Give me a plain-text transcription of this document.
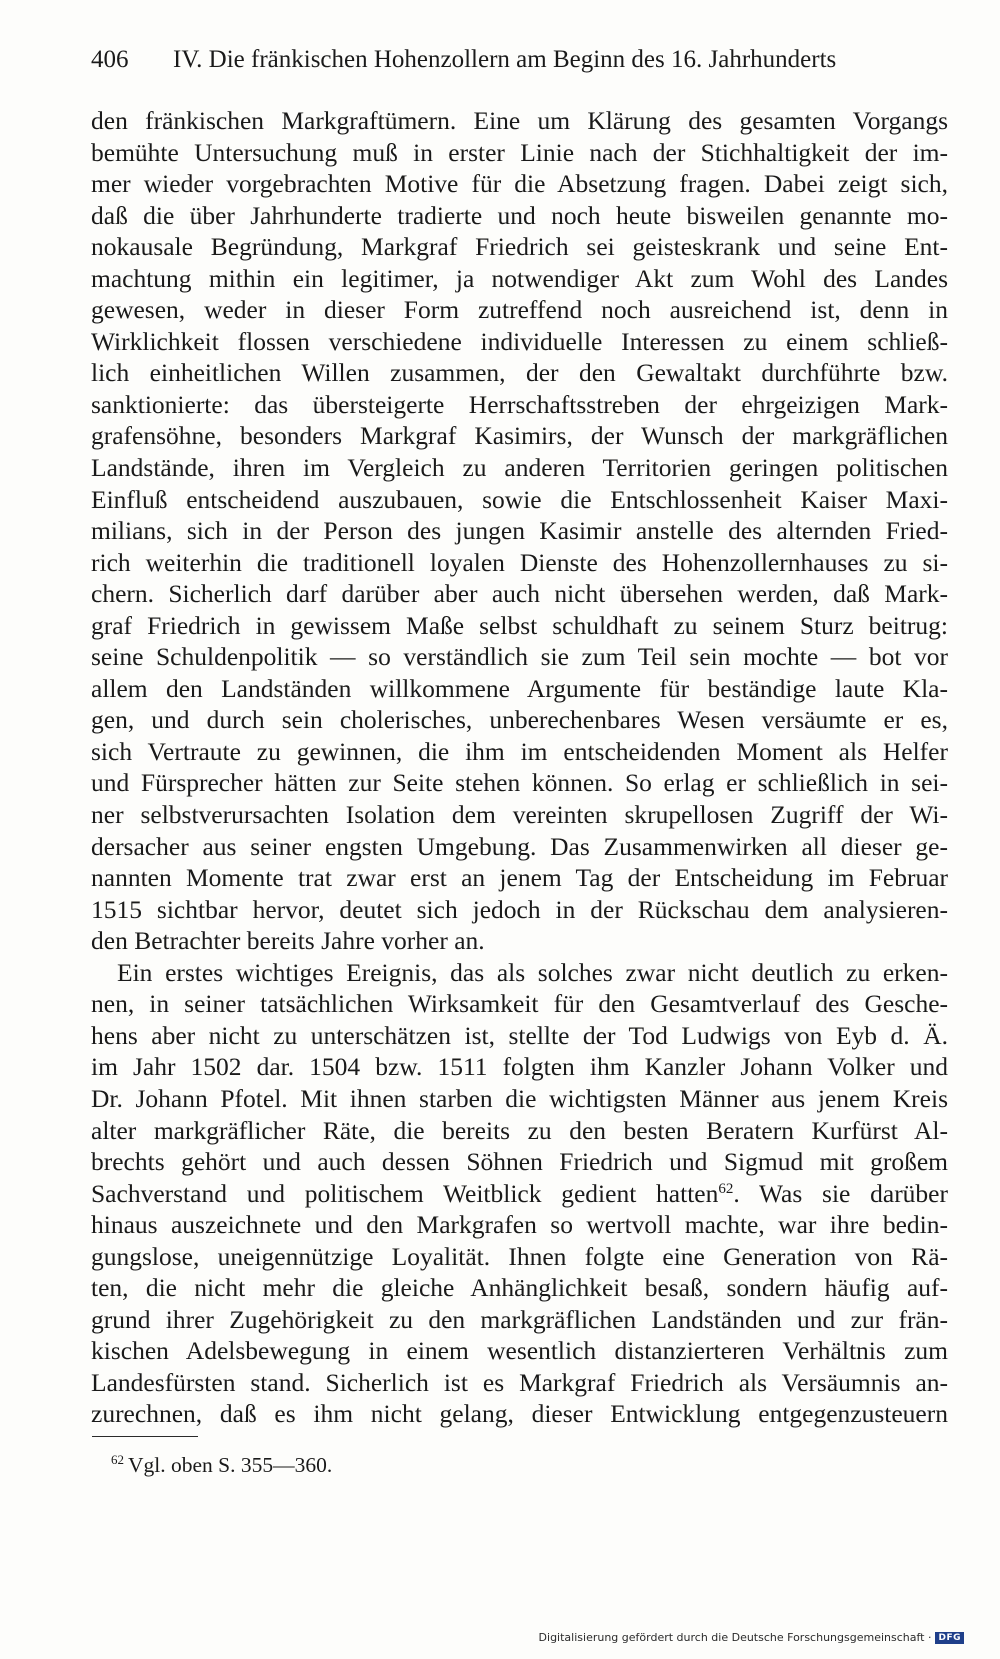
406 IV. Die fränkischen Hohenzollern am Beginn des 16. Jahrhunderts
den fränkischen Markgraftümern. Eine um Klärung des gesamten Vorgangs
bemühte Untersuchung muß in erster Linie nach der Stichhaltigkeit der im-
mer wieder vorgebrachten Motive für die Absetzung fragen. Dabei zeigt sich,
daß die über Jahrhunderte tradierte und noch heute bisweilen genannte mo-
nokausale Begründung, Markgraf Friedrich sei geisteskrank und seine Ent-
machtung mithin ein legitimer, ja notwendiger Akt zum Wohl des Landes
gewesen, weder in dieser Form zutreffend noch ausreichend ist, denn in
Wirklichkeit flossen verschiedene individuelle Interessen zu einem schließ-
lich einheitlichen Willen zusammen, der den Gewaltakt durchführte bzw.
sanktionierte: das übersteigerte Herrschaftsstreben der ehrgeizigen Mark-
grafensöhne, besonders Markgraf Kasimirs, der Wunsch der markgräflichen
Landstände, ihren im Vergleich zu anderen Territorien geringen politischen
Einfluß entscheidend auszubauen, sowie die Entschlossenheit Kaiser Maxi-
milians, sich in der Person des jungen Kasimir anstelle des alternden Fried-
rich weiterhin die traditionell loyalen Dienste des Hohenzollernhauses zu si-
chern. Sicherlich darf darüber aber auch nicht übersehen werden, daß Mark-
graf Friedrich in gewissem Maße selbst schuldhaft zu seinem Sturz beitrug:
seine Schuldenpolitik — so verständlich sie zum Teil sein mochte — bot vor
allem den Landständen willkommene Argumente für beständige laute Kla-
gen, und durch sein cholerisches, unberechenbares Wesen versäumte er es,
sich Vertraute zu gewinnen, die ihm im entscheidenden Moment als Helfer
und Fürsprecher hätten zur Seite stehen können. So erlag er schließlich in sei-
ner selbstverursachten Isolation dem vereinten skrupellosen Zugriff der Wi-
dersacher aus seiner engsten Umgebung. Das Zusammenwirken all dieser ge-
nannten Momente trat zwar erst an jenem Tag der Entscheidung im Februar
1515 sichtbar hervor, deutet sich jedoch in der Rückschau dem analysieren-
den Betrachter bereits Jahre vorher an.
Ein erstes wichtiges Ereignis, das als solches zwar nicht deutlich zu erken-
nen, in seiner tatsächlichen Wirksamkeit für den Gesamtverlauf des Gesche-
hens aber nicht zu unterschätzen ist, stellte der Tod Ludwigs von Eyb d. Ä.
im Jahr 1502 dar. 1504 bzw. 1511 folgten ihm Kanzler Johann Volker und
Dr. Johann Pfotel. Mit ihnen starben die wichtigsten Männer aus jenem Kreis
alter markgräflicher Räte, die bereits zu den besten Beratern Kurfürst Al-
brechts gehört und auch dessen Söhnen Friedrich und Sigmud mit großem
Sachverstand und politischem Weitblick gedient hatten$^{62}$. Was sie darüber
hinaus auszeichnete und den Markgrafen so wertvoll machte, war ihre bedin-
gungslose, uneigennützige Loyalität. Ihnen folgte eine Generation von Rä-
ten, die nicht mehr die gleiche Anhänglichkeit besaß, sondern häufig auf-
grund ihrer Zugehörigkeit zu den markgräflichen Landständen und zur frän-
kischen Adelsbewegung in einem wesentlich distanzierteren Verhältnis zum
Landesfürsten stand. Sicherlich ist es Markgraf Friedrich als Versäumnis an-
zurechnen, daß es ihm nicht gelang, dieser Entwicklung entgegenzusteuern
$^{62}$ Vgl. oben S. 355—360.
Digitalisierung gefördert durch die Deutsche Forschungsgemeinschaft · DFG
